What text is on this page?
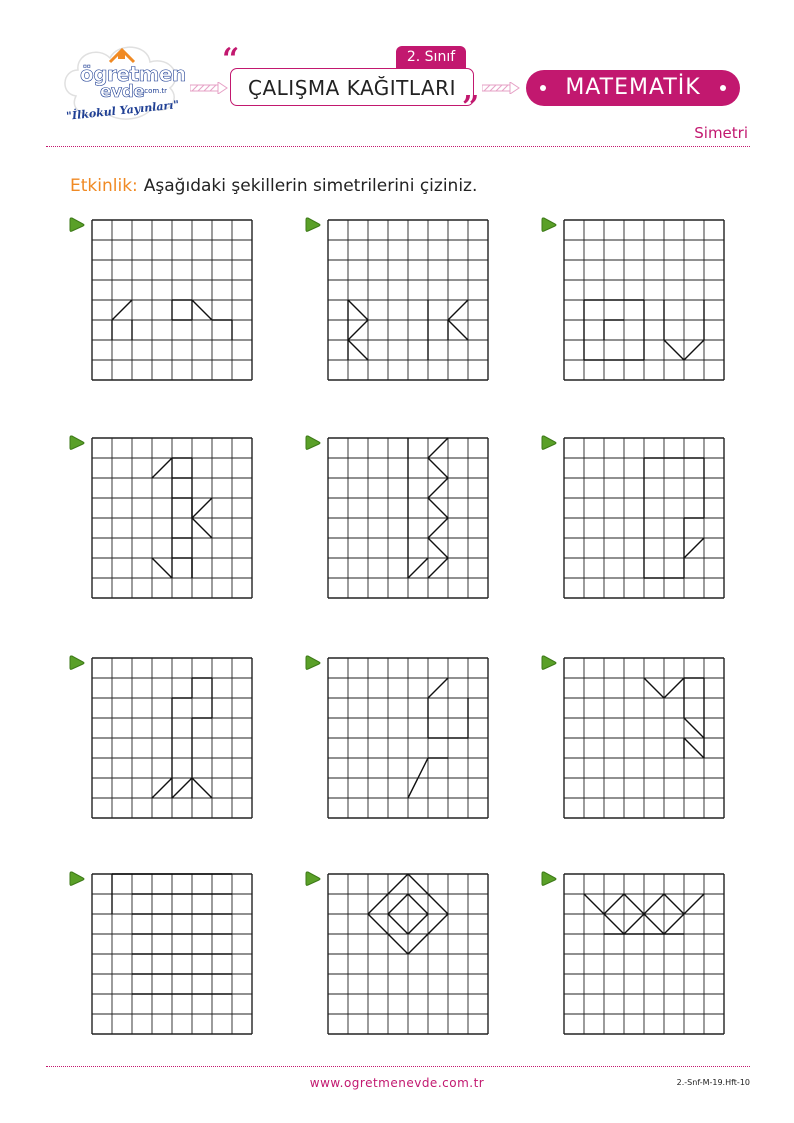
ögretmen
evde
.com.tr
"İlkokul Yayınları"
“	2. Sınıf
ÇALIŞMA KAĞITLARI
”
MATEMATİK
Simetri
Etkinlik: Aşağıdaki şekillerin simetrilerini çiziniz.
www.ogretmenevde.com.tr	2.-Snf-M-19.Hft-10
